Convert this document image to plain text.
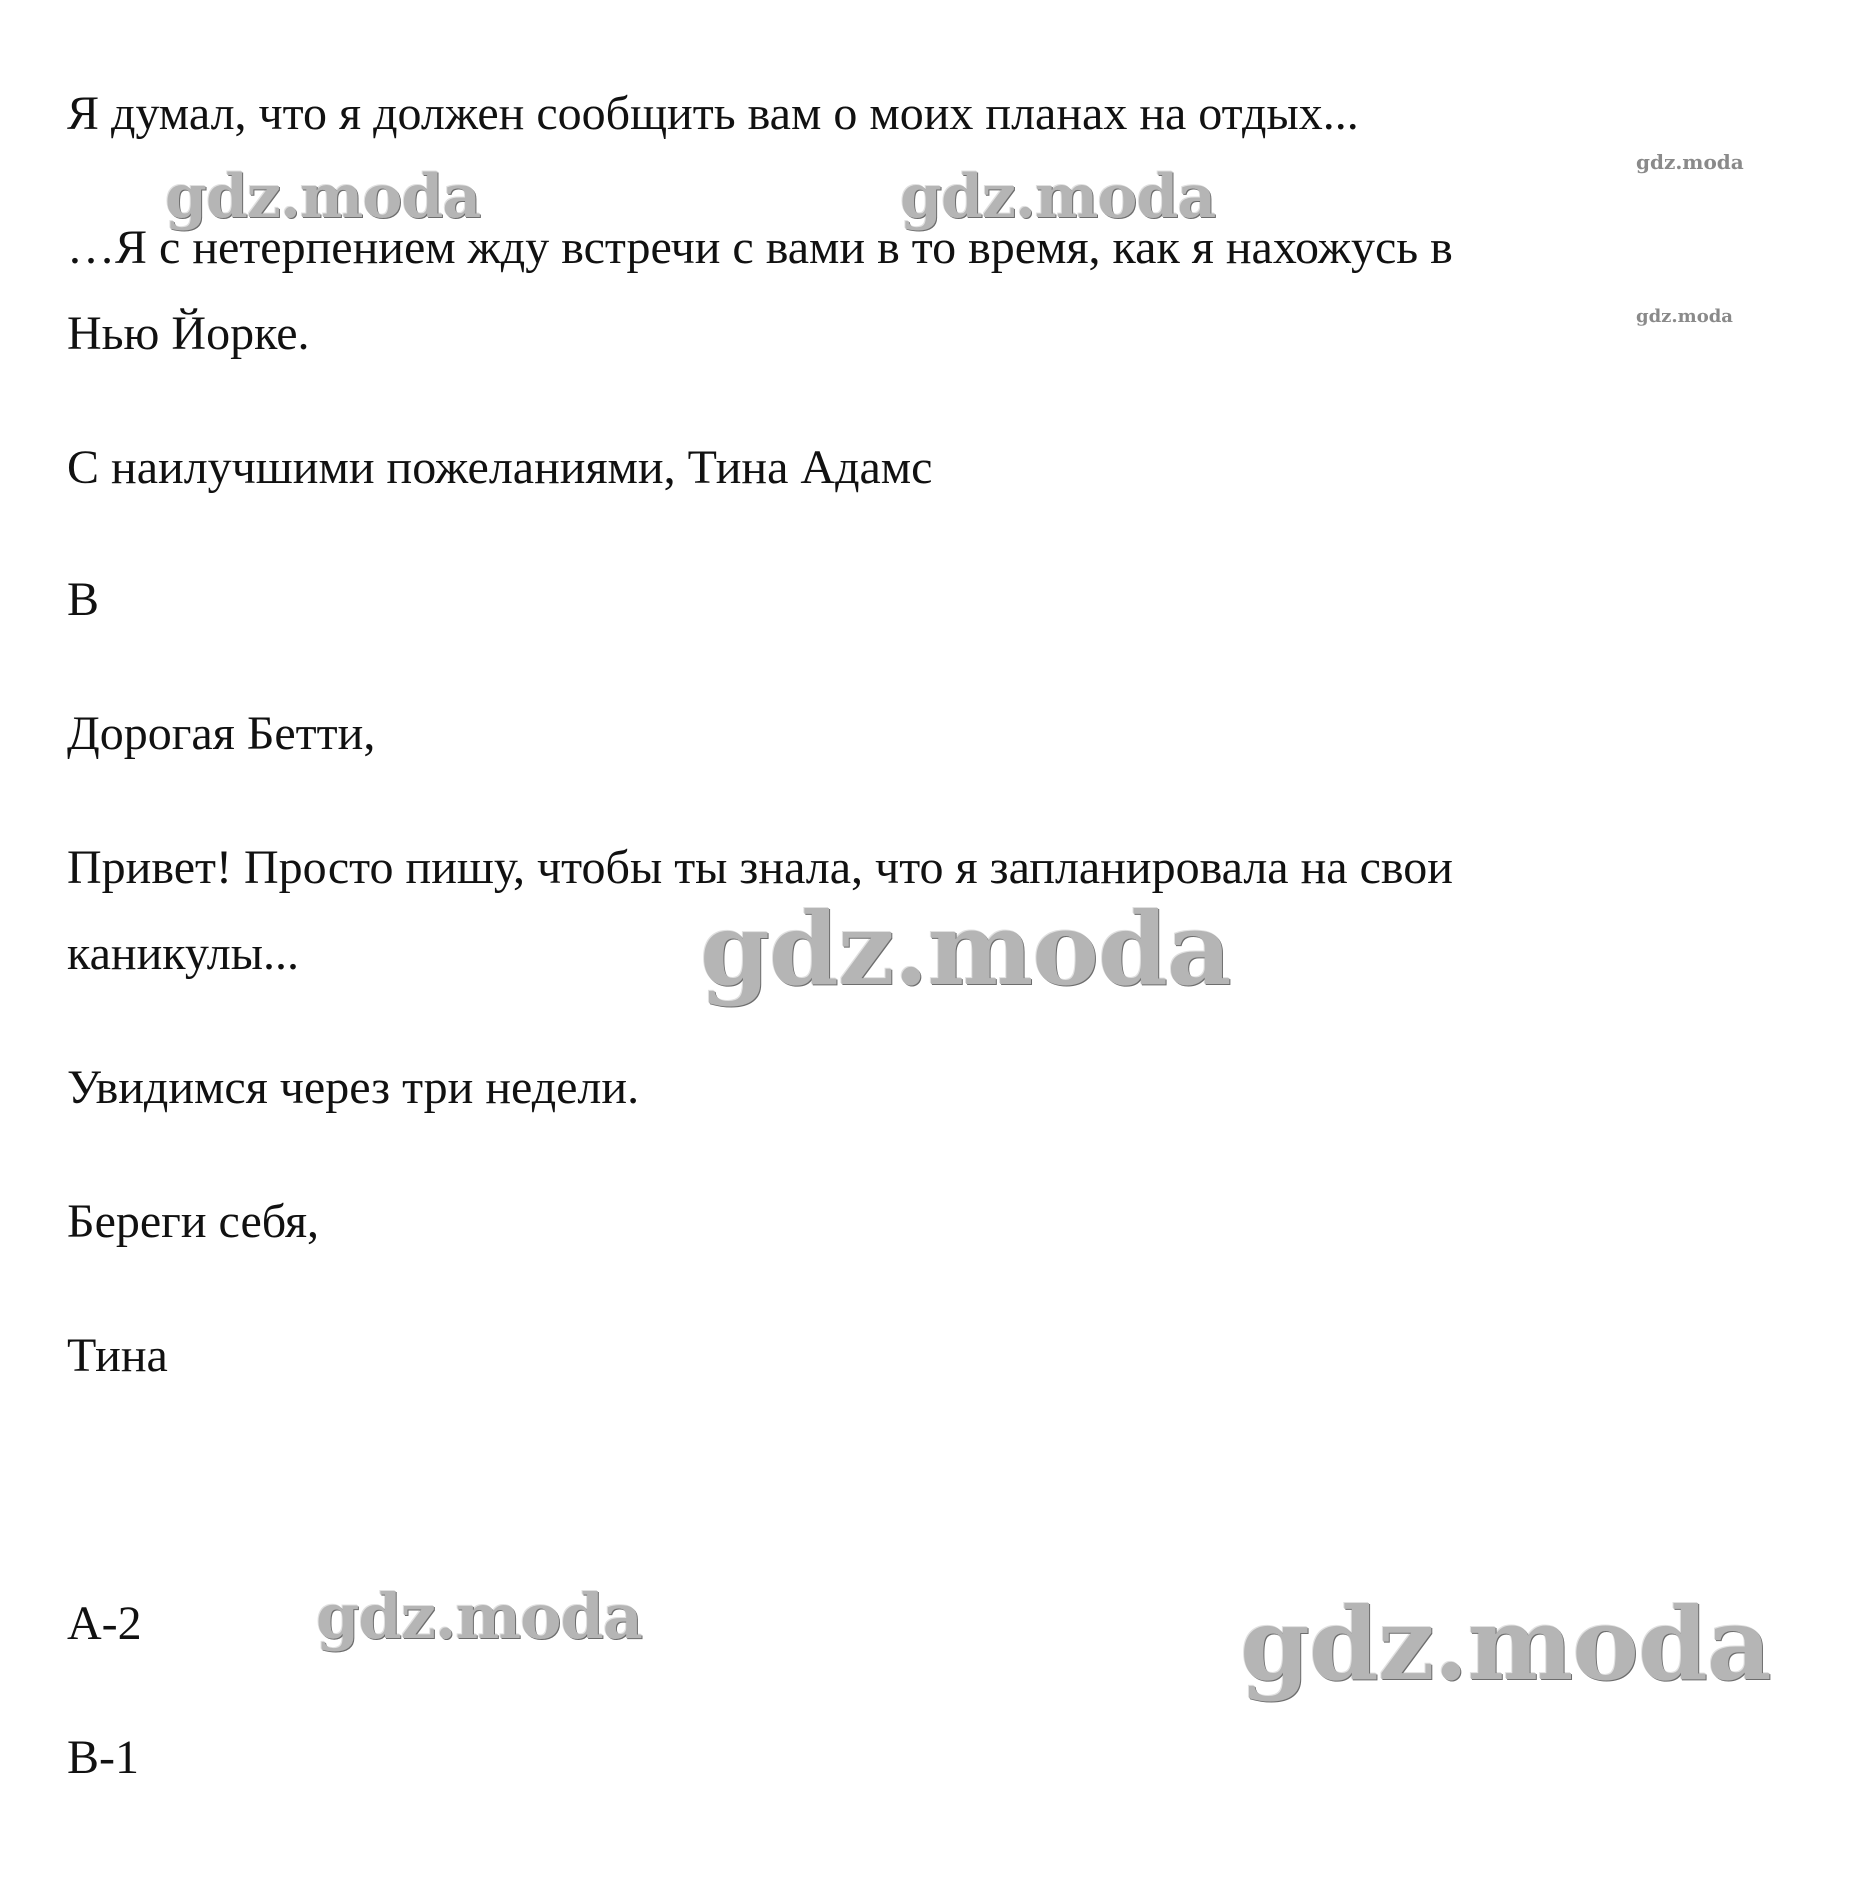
Я думал, что я должен сообщить вам о моих планах на отдых...

…Я с нетерпением жду встречи с вами в то время, как я нахожусь в

Нью Йорке.

С наилучшими пожеланиями, Тина Адамс

B

Дорогая Бетти,

Привет! Просто пишу, чтобы ты знала, что я запланировала на свои

каникулы...

Увидимся через три недели.

Береги себя,

Тина

A-2

B-1

gdz.moda	gdz.moda	gdz.moda
gdz.moda
gdz.moda
gdz.moda	gdz.moda
